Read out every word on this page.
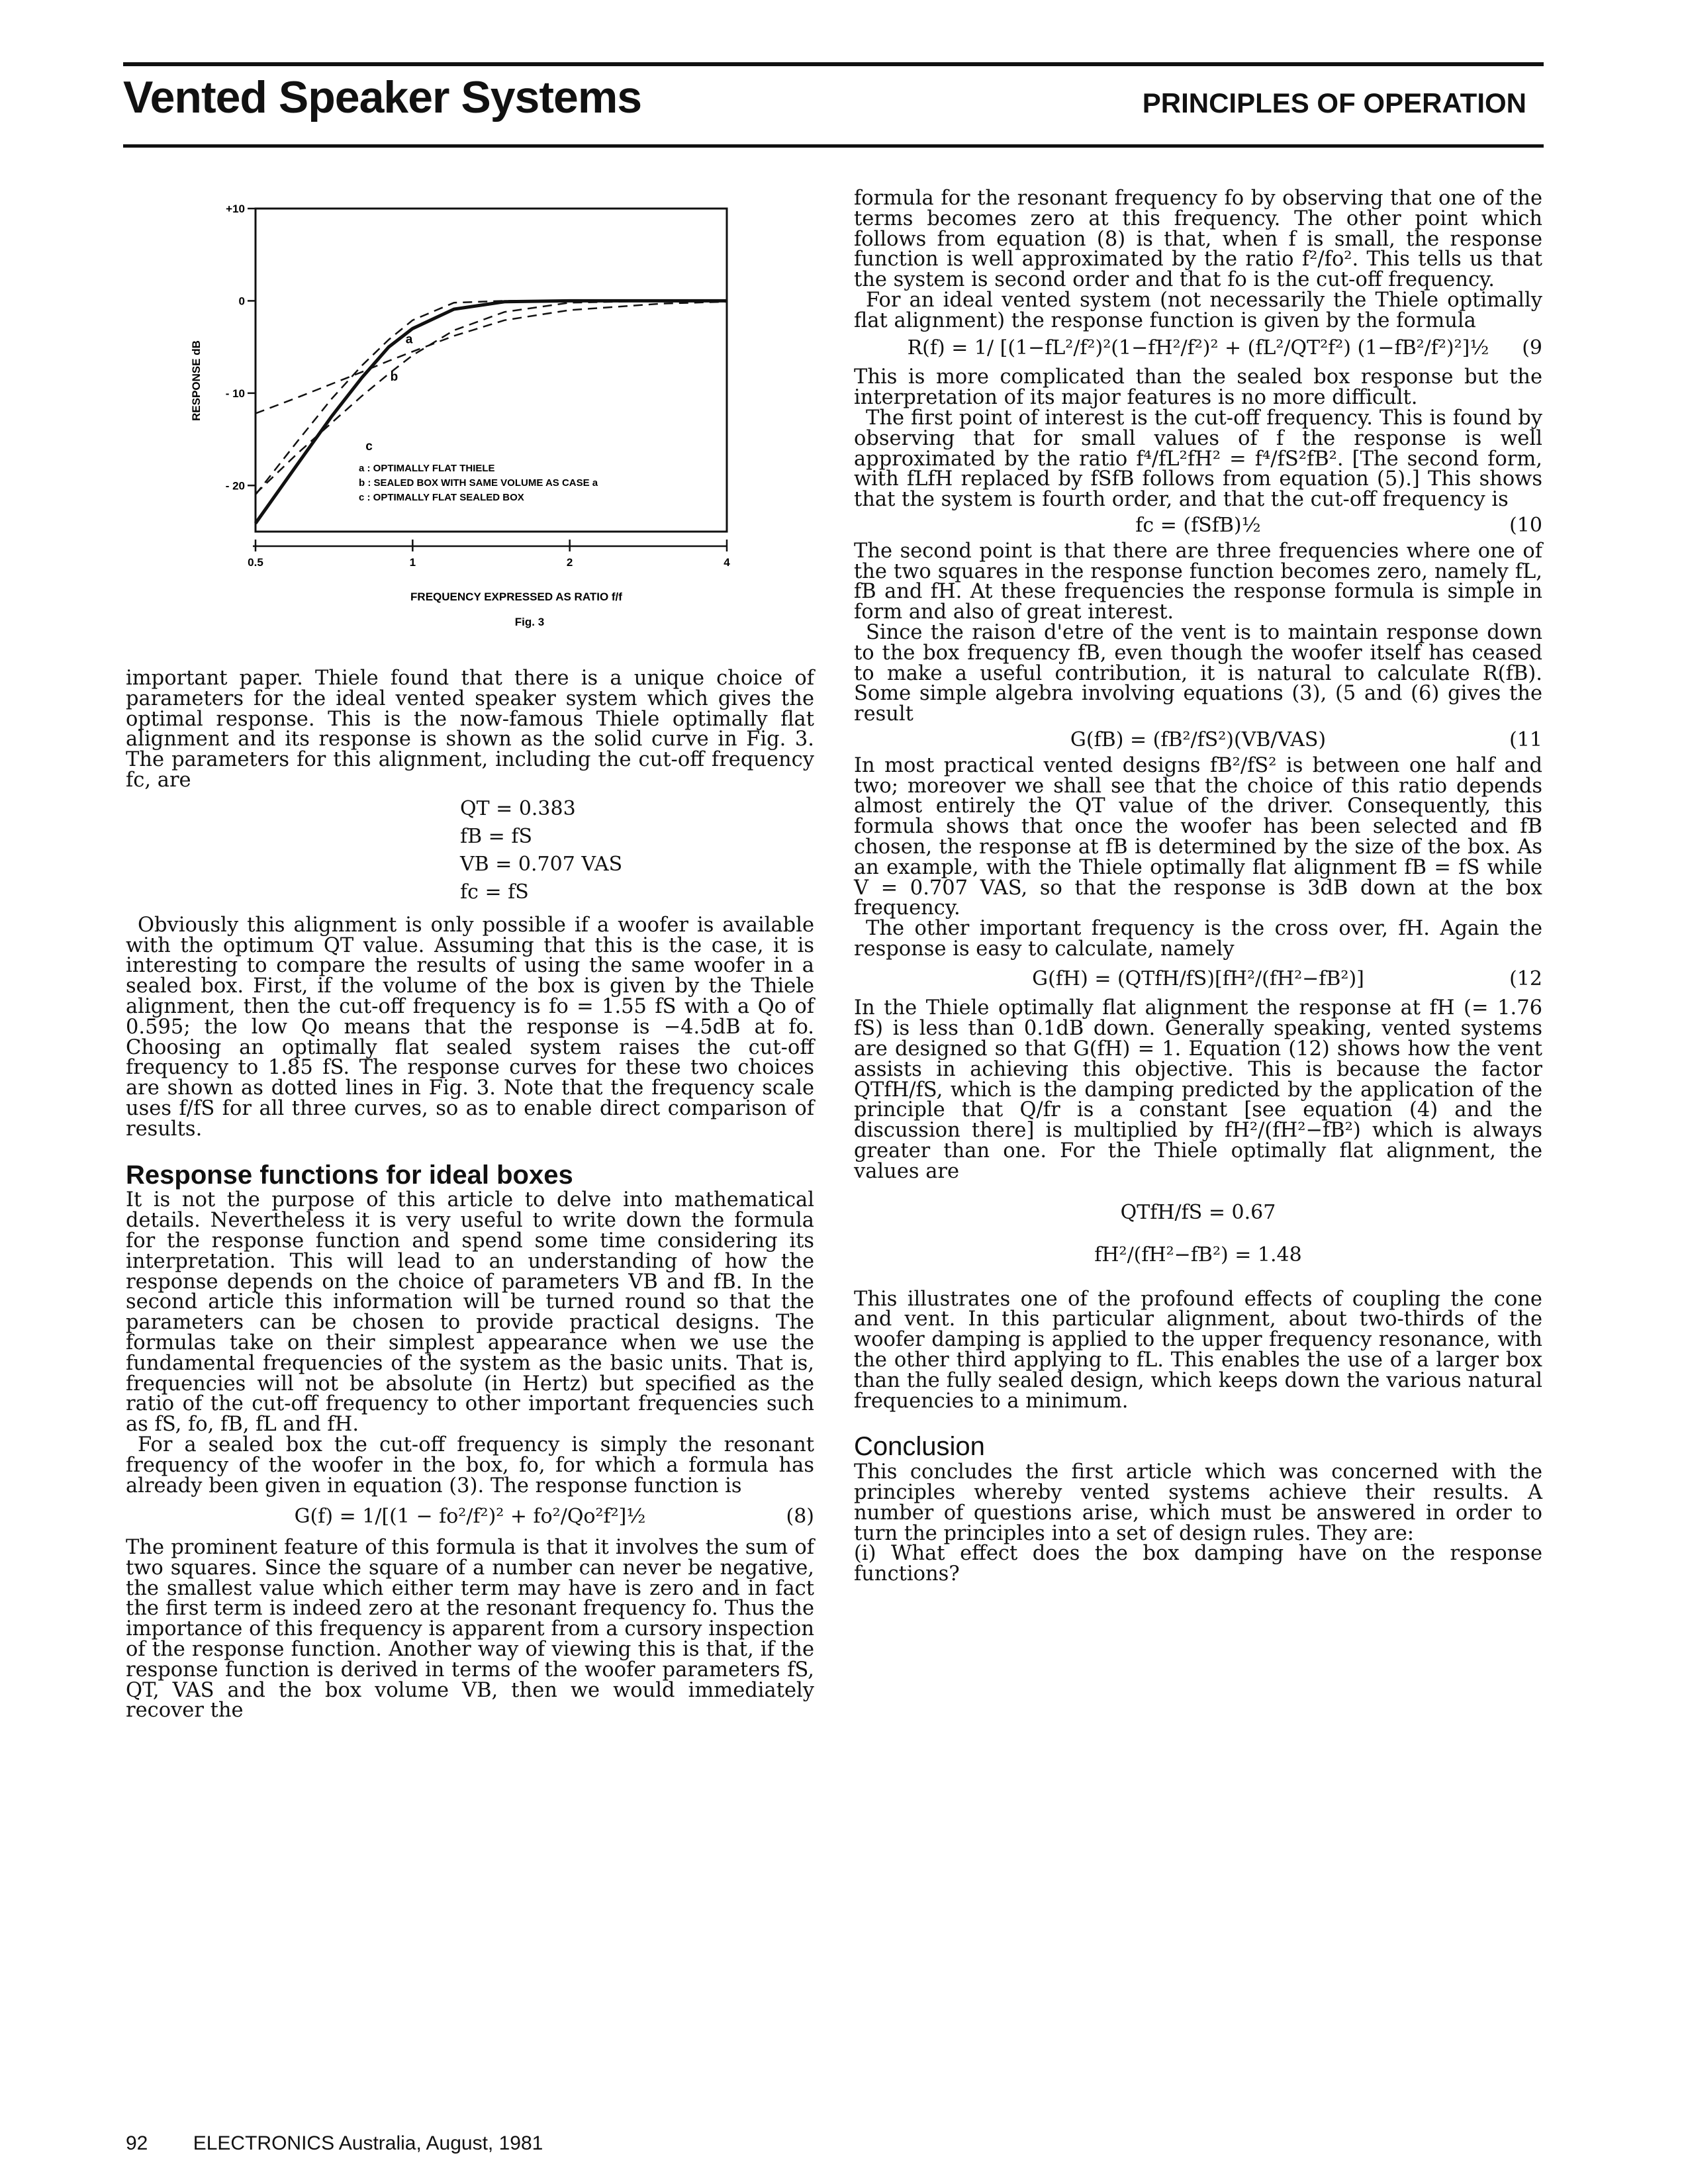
Vented Speaker Systems	PRINCIPLES OF OPERATION
RESPONSE dB
+10
0
- 10
- 20
0.5	1	2	4
a
b
c
a : OPTIMALLY FLAT THIELE
b : SEALED BOX WITH SAME VOLUME AS CASE a
c : OPTIMALLY FLAT SEALED BOX
FREQUENCY EXPRESSED AS RATIO f/f
Fig. 3

important paper. Thiele found that there is a unique choice of parameters for the ideal vented speaker system which gives the optimal response. This is the now-famous Thiele optimally flat alignment and its response is shown as the solid curve in Fig. 3. The parameters for this alignment, including the cut-off frequency fc, are

QT = 0.383
fB = fS
VB = 0.707 VAS
fc = fS

Obviously this alignment is only possible if a woofer is available with the optimum QT value. Assuming that this is the case, it is interesting to compare the results of using the same woofer in a sealed box. First, if the volume of the box is given by the Thiele alignment, then the cut-off frequency is fo = 1.55 fS with a Qo of 0.595; the low Qo means that the response is −4.5dB at fo. Choosing an optimally flat sealed system raises the cut-off frequency to 1.85 fS. The response curves for these two choices are shown as dotted lines in Fig. 3. Note that the frequency scale uses f/fS for all three curves, so as to enable direct comparison of results.

Response functions for ideal boxes

It is not the purpose of this article to delve into mathematical details. Nevertheless it is very useful to write down the formula for the response function and spend some time considering its interpretation. This will lead to an understanding of how the response depends on the choice of parameters VB and fB. In the second article this information will be turned round so that the parameters can be chosen to provide practical designs. The formulas take on their simplest appearance when we use the fundamental frequencies of the system as the basic units. That is, frequencies will not be absolute (in Hertz) but specified as the ratio of the cut-off frequency to other important frequencies such as fS, fo, fB, fL and fH.

For a sealed box the cut-off frequency is simply the resonant frequency of the woofer in the box, fo, for which a formula has already been given in equation (3). The response function is

G(f) = 1/[(1 − fo²/f²)² + fo²/Qo²f²]½	(8)

The prominent feature of this formula is that it involves the sum of two squares. Since the square of a number can never be negative, the smallest value which either term may have is zero and in fact the first term is indeed zero at the resonant frequency fo. Thus the importance of this frequency is apparent from a cursory inspection of the response function. Another way of viewing this is that, if the response function is derived in terms of the woofer parameters fS, QT, VAS and the box volume VB, then we would immediately recover the

formula for the resonant frequency fo by observing that one of the terms becomes zero at this frequency. The other point which follows from equation (8) is that, when f is small, the response function is well approximated by the ratio f²/fo². This tells us that the system is second order and that fo is the cut-off frequency.

For an ideal vented system (not necessarily the Thiele optimally flat alignment) the response function is given by the formula

R(f) = 1/ [(1−fL²/f²)²(1−fH²/f²)² + (fL²/QT²f²) (1−fB²/f²)²]½ (9

This is more complicated than the sealed box response but the interpretation of its major features is no more difficult.

The first point of interest is the cut-off frequency. This is found by observing that for small values of f the response is well approximated by the ratio f⁴/fL²fH² = f⁴/fS²fB². [The second form, with fLfH replaced by fSfB follows from equation (5).] This shows that the system is fourth order, and that the cut-off frequency is

fc = (fSfB)½	(10

The second point is that there are three frequencies where one of the two squares in the response function becomes zero, namely fL, fB and fH. At these frequencies the response formula is simple in form and also of great interest.

Since the raison d'etre of the vent is to maintain response down to the box frequency fB, even though the woofer itself has ceased to make a useful contribution, it is natural to calculate R(fB). Some simple algebra involving equations (3), (5 and (6) gives the result

G(fB) = (fB²/fS²)(VB/VAS)	(11

In most practical vented designs fB²/fS² is between one half and two; moreover we shall see that the choice of this ratio depends almost entirely the QT value of the driver. Consequently, this formula shows that once the woofer has been selected and fB chosen, the response at fB is determined by the size of the box. As an example, with the Thiele optimally flat alignment fB = fS while V = 0.707 VAS, so that the response is 3dB down at the box frequency.

The other important frequency is the cross over, fH. Again the response is easy to calculate, namely

G(fH) = (QTfH/fS)[fH²/(fH²−fB²)]	(12

In the Thiele optimally flat alignment the response at fH (= 1.76 fS) is less than 0.1dB down. Generally speaking, vented systems are designed so that G(fH) = 1. Equation (12) shows how the vent assists in achieving this objective. This is because the factor QTfH/fS, which is the damping predicted by the application of the principle that Q/fr is a constant [see equation (4) and the discussion there] is multiplied by fH²/(fH²−fB²) which is always greater than one. For the Thiele optimally flat alignment, the values are

QTfH/fS = 0.67
fH²/(fH²−fB²) = 1.48

This illustrates one of the profound effects of coupling the cone and vent. In this particular alignment, about two-thirds of the woofer damping is applied to the upper frequency resonance, with the other third applying to fL. This enables the use of a larger box than the fully sealed design, which keeps down the various natural frequencies to a minimum.

Conclusion

This concludes the first article which was concerned with the principles whereby vented systems achieve their results. A number of questions arise, which must be answered in order to turn the principles into a set of design rules. They are:

(i) What effect does the box damping have on the response functions?

92 ELECTRONICS Australia, August, 1981
